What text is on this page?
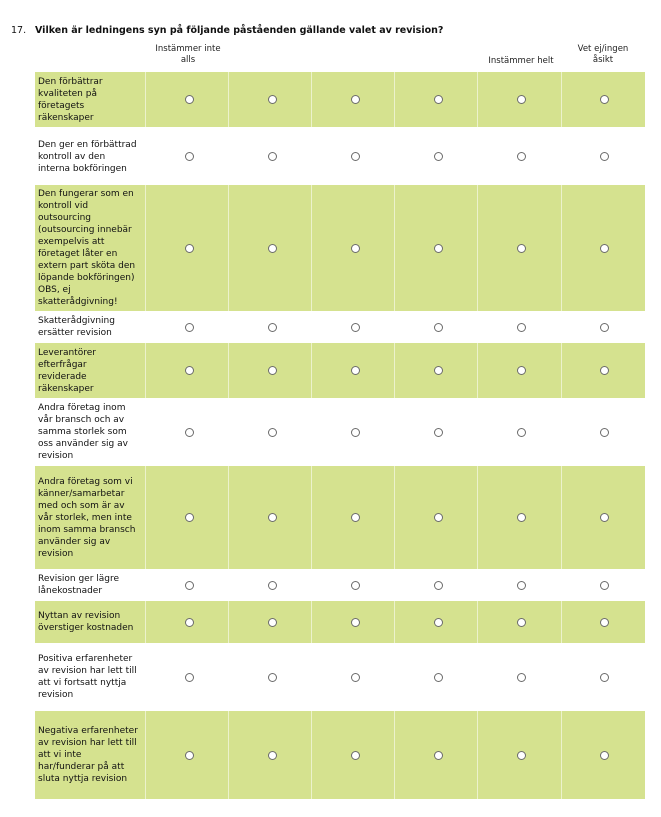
17. Vilken är ledningens syn på följande påståenden gällande valet av revision?
Instämmer inte alls	Instämmer helt
Vet ej/ingen åsikt
Den förbättrar kvaliteten på företagets räkenskaper
Den ger en förbättrad kontroll av den interna bokföringen
Den fungerar som en kontroll vid outsourcing (outsourcing innebär exempelvis att företaget låter en extern part sköta den löpande bokföringen) OBS, ej skatterådgivning!
Skatterådgivning ersätter revision
Leverantörer efterfrågar reviderade räkenskaper
Andra företag inom vår bransch och av samma storlek som oss använder sig av revision
Andra företag som vi känner/samarbetar med och som är av vår storlek, men inte inom samma bransch använder sig av revision
Revision ger lägre lånekostnader
Nyttan av revision överstiger kostnaden
Positiva erfarenheter av revision har lett till att vi fortsatt nyttja revision
Negativa erfarenheter av revision har lett till att vi inte har/funderar på att sluta nyttja revision
